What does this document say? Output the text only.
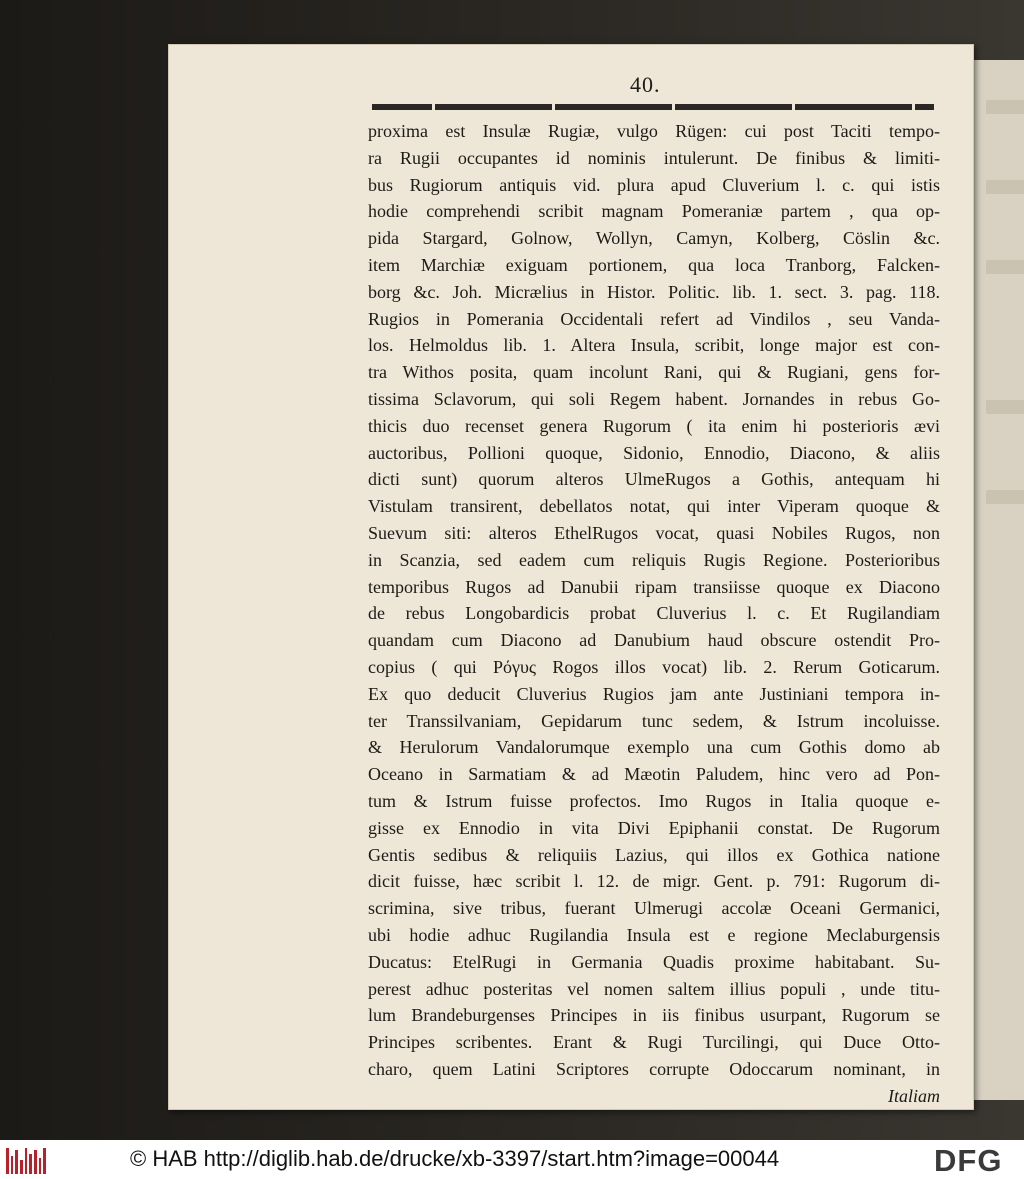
40.
proxima est Insulæ Rugiæ, vulgo Rügen: cui post Taciti tempo-
ra Rugii occupantes id nominis intulerunt. De finibus & limiti-
bus Rugiorum antiquis vid. plura apud Cluverium l. c. qui istis
hodie comprehendi scribit magnam Pomeraniæ partem , qua op-
pida Stargard, Golnow, Wollyn, Camyn, Kolberg, Cöslin &c.
item Marchiæ exiguam portionem, qua loca Tranborg, Falcken-
borg &c. Joh. Micrælius in Histor. Politic. lib. 1. sect. 3. pag. 118.
Rugios in Pomerania Occidentali refert ad Vindilos , seu Vanda-
los. Helmoldus lib. 1. Altera Insula, scribit, longe major est con-
tra Withos posita, quam incolunt Rani, qui & Rugiani, gens for-
tissima Sclavorum, qui soli Regem habent. Jornandes in rebus Go-
thicis duo recenset genera Rugorum ( ita enim hi posterioris ævi
auctoribus, Pollioni quoque, Sidonio, Ennodio, Diacono, & aliis
dicti sunt) quorum alteros UlmeRugos a Gothis, antequam hi
Vistulam transirent, debellatos notat, qui inter Viperam quoque &
Suevum siti: alteros EthelRugos vocat, quasi Nobiles Rugos, non
in Scanzia, sed eadem cum reliquis Rugis Regione. Posterioribus
temporibus Rugos ad Danubii ripam transiisse quoque ex Diacono
de rebus Longobardicis probat Cluverius l. c. Et Rugilandiam
quandam cum Diacono ad Danubium haud obscure ostendit Pro-
copius ( qui Ρόγυς Rogos illos vocat) lib. 2. Rerum Goticarum.
Ex quo deducit Cluverius Rugios jam ante Justiniani tempora in-
ter Transsilvaniam, Gepidarum tunc sedem, & Istrum incoluisse.
& Herulorum Vandalorumque exemplo una cum Gothis domo ab
Oceano in Sarmatiam & ad Mæotin Paludem, hinc vero ad Pon-
tum & Istrum fuisse profectos. Imo Rugos in Italia quoque e-
gisse ex Ennodio in vita Divi Epiphanii constat. De Rugorum
Gentis sedibus & reliquiis Lazius, qui illos ex Gothica natione
dicit fuisse, hæc scribit l. 12. de migr. Gent. p. 791: Rugorum di-
scrimina, sive tribus, fuerant Ulmerugi accolæ Oceani Germanici,
ubi hodie adhuc Rugilandia Insula est e regione Meclaburgensis
Ducatus: EtelRugi in Germania Quadis proxime habitabant. Su-
perest adhuc posteritas vel nomen saltem illius populi , unde titu-
lum Brandeburgenses Principes in iis finibus usurpant, Rugorum se
Principes scribentes. Erant & Rugi Turcilingi, qui Duce Otto-
charo, quem Latini Scriptores corrupte Odoccarum nominant, in
Italiam
© HAB http://diglib.hab.de/drucke/xb-3397/start.htm?image=00044	DFG
